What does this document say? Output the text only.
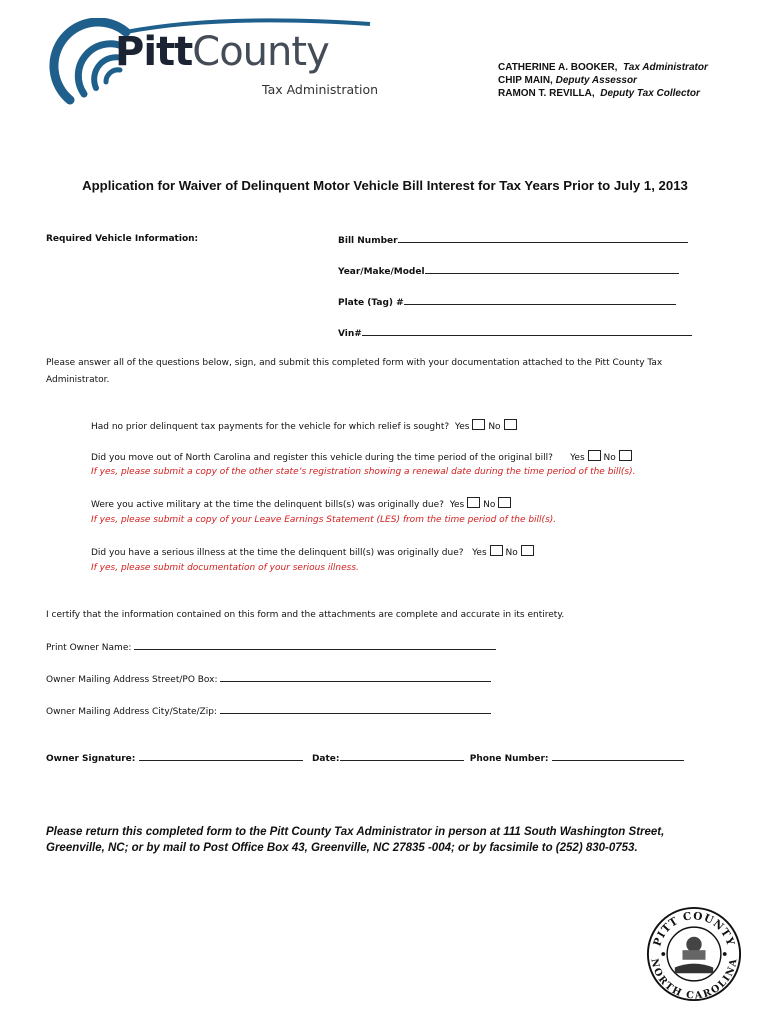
PittCounty
Tax Administration
CATHERINE A. BOOKER, Tax Administrator
CHIP MAIN, Deputy Assessor
RAMON T. REVILLA, Deputy Tax Collector
Application for Waiver of Delinquent Motor Vehicle Bill Interest for Tax Years Prior to July 1, 2013
Required Vehicle Information:	Bill Number
Year/Make/Model
Plate (Tag) #
Vin#
Please answer all of the questions below, sign, and submit this completed form with your documentation attached to the Pitt County Tax
Administrator.
Had no prior delinquent tax payments for the vehicle for which relief is sought? Yes No
Did you move out of North Carolina and register this vehicle during the time period of the original bill? Yes No
If yes, please submit a copy of the other state’s registration showing a renewal date during the time period of the bill(s).
Were you active military at the time the delinquent bills(s) was originally due? Yes No
If yes, please submit a copy of your Leave Earnings Statement (LES) from the time period of the bill(s).
Did you have a serious illness at the time the delinquent bill(s) was originally due? Yes No
If yes, please submit documentation of your serious illness.
I certify that the information contained on this form and the attachments are complete and accurate in its entirety.
Print Owner Name:
Owner Mailing Address Street/PO Box:
Owner Mailing Address City/State/Zip:
Owner Signature:	Date:	Phone Number:
Please return this completed form to the Pitt County Tax Administrator in person at 111 South Washington Street,
Greenville, NC; or by mail to Post Office Box 43, Greenville, NC 27835 -004; or by facsimile to (252) 830-0753.
PITT COUNTY
NORTH CAROLINA
